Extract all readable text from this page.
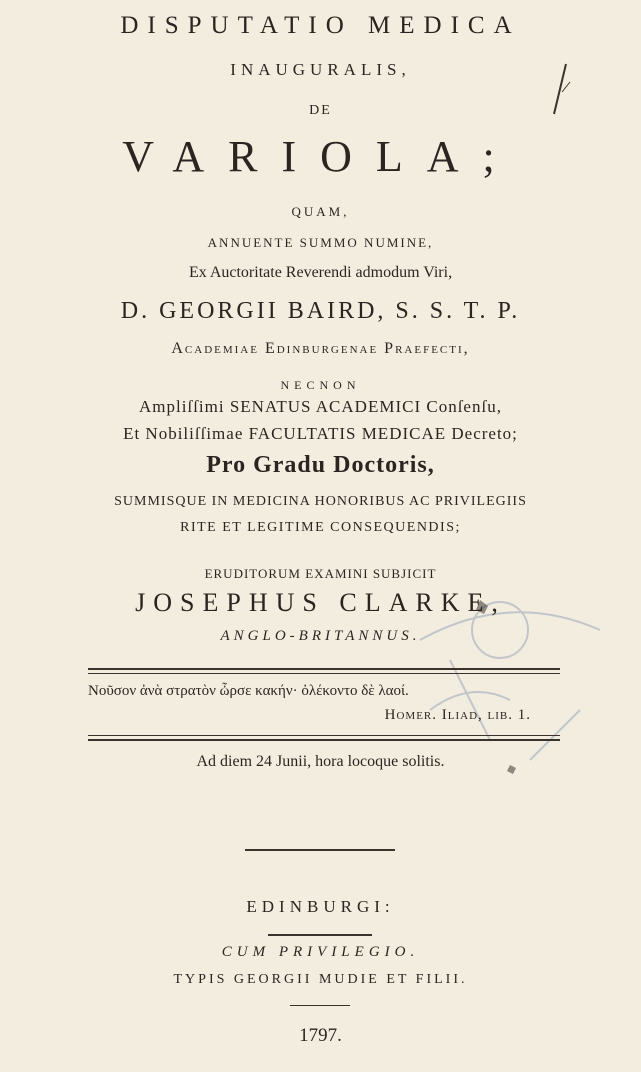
DISPUTATIO MEDICA
INAUGURALIS,
DE
VARIOLA;
QUAM,
ANNUENTE SUMMO NUMINE,
Ex Auctoritate Reverendi admodum Viri,
D. GEORGII BAIRD, S. S. T. P.
Academiae Edinburgenae Praefecti,
NECNON
Ampliſſimi SENATUS ACADEMICI Conſenſu,
Et Nobiliſſimae FACULTATIS MEDICAE Decreto;
Pro Gradu Doctoris,
SUMMISQUE IN MEDICINA HONORIBUS AC PRIVILEGIIS
RITE ET LEGITIME CONSEQUENDIS;
ERUDITORUM EXAMINI SUBJICIT
JOSEPHUS CLARKE,
ANGLO-BRITANNUS.
Νοῦσον ἀνὰ στρατὸν ὦρσε κακήν· ὀλέκοντο δὲ λαοί.
Homer. Iliad, lib. 1.
Ad diem 24 Junii, hora locoque solitis.
EDINBURGI:
CUM PRIVILEGIO.
TYPIS GEORGII MUDIE ET FILII.
1797.
